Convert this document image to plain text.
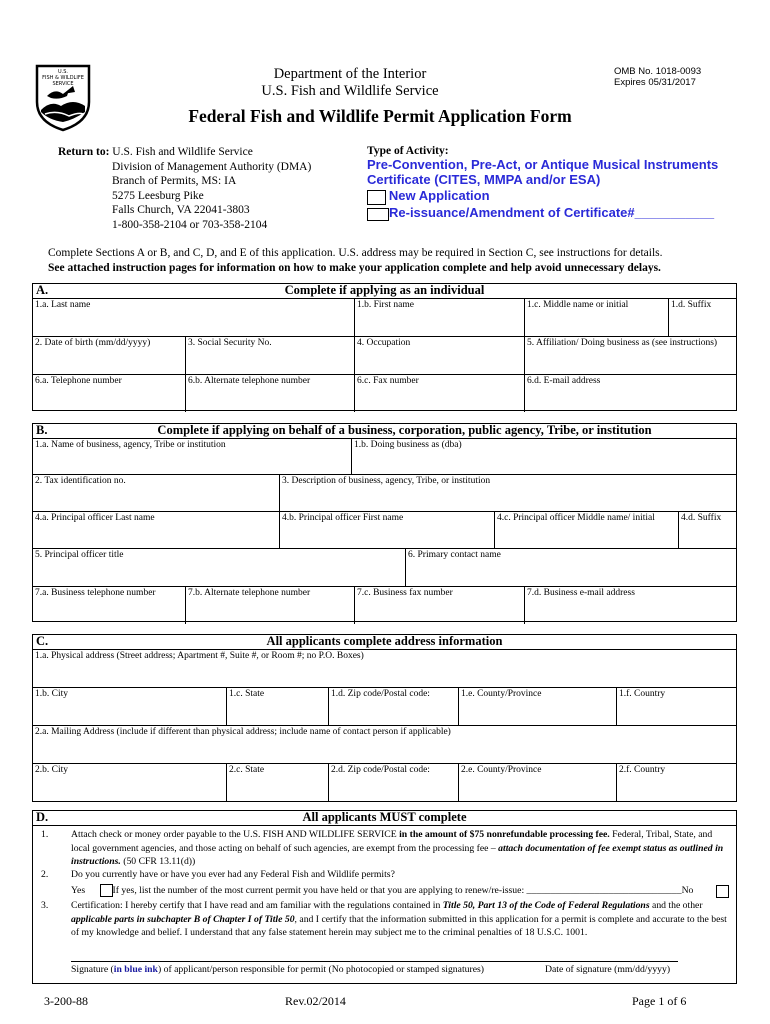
U.S.
FISH & WILDLIFE
SERVICE
Department of the Interior
U.S. Fish and Wildlife Service
OMB No. 1018-0093
Expires 05/31/2017
Federal Fish and Wildlife Permit Application Form
Return to: U.S. Fish and Wildlife Service
Division of Management Authority (DMA)
Branch of Permits, MS: IA
5275 Leesburg Pike
Falls Church, VA 22041-3803
1-800-358-2104 or 703-358-2104
Type of Activity:
Pre-Convention, Pre-Act, or Antique Musical Instruments
Certificate (CITES, MMPA and/or ESA)
New Application
Re-issuance/Amendment of Certificate#___________
Complete Sections A or B, and C, D, and E of this application. U.S. address may be required in Section C, see instructions for details.
See attached instruction pages for information on how to make your application complete and help avoid unnecessary delays.
A.	Complete if applying as an individual
1.a. Last name	1.b. First name	1.c. Middle name or initial	1.d. Suffix
2. Date of birth (mm/dd/yyyy)	3. Social Security No.	4. Occupation	5. Affiliation/ Doing business as (see instructions)
6.a. Telephone number	6.b. Alternate telephone number	6.c. Fax number	6.d. E-mail address
B.	Complete if applying on behalf of a business, corporation, public agency, Tribe, or institution
1.a. Name of business, agency, Tribe or institution	1.b. Doing business as (dba)
2. Tax identification no.	3. Description of business, agency, Tribe, or institution
4.a. Principal officer Last name	4.b. Principal officer First name	4.c. Principal officer Middle name/ initial	4.d. Suffix
5. Principal officer title	6. Primary contact name
7.a. Business telephone number	7.b. Alternate telephone number	7.c. Business fax number	7.d. Business e-mail address
C.	All applicants complete address information
1.a. Physical address (Street address; Apartment #, Suite #, or Room #; no P.O. Boxes)
1.b. City	1.c. State	1.d. Zip code/Postal code:	1.e. County/Province	1.f. Country
2.a. Mailing Address (include if different than physical address; include name of contact person if applicable)
2.b. City	2.c. State	2.d. Zip code/Postal code:	2.e. County/Province	2.f. Country
D.	All applicants MUST complete
1. Attach check or money order payable to the U.S. FISH AND WILDLIFE SERVICE in the amount of $75 nonrefundable processing fee. Federal, Tribal, State, and local government agencies, and those acting on behalf of such agencies, are exempt from the processing fee – attach documentation of fee exempt status as outlined in instructions. (50 CFR 13.11(d))
2. Do you currently have or have you ever had any Federal Fish and Wildlife permits?
Yes	If yes, list the number of the most current permit you have held or that you are applying to renew/re-issue: ________________________________No
3. Certification: I hereby certify that I have read and am familiar with the regulations contained in Title 50, Part 13 of the Code of Federal Regulations and the other applicable parts in subchapter B of Chapter I of Title 50, and I certify that the information submitted in this application for a permit is complete and accurate to the best of my knowledge and belief. I understand that any false statement herein may subject me to the criminal penalties of 18 U.S.C. 1001.
Signature (in blue ink) of applicant/person responsible for permit (No photocopied or stamped signatures)	Date of signature (mm/dd/yyyy)
3-200-88	Rev.02/2014	Page 1 of 6
